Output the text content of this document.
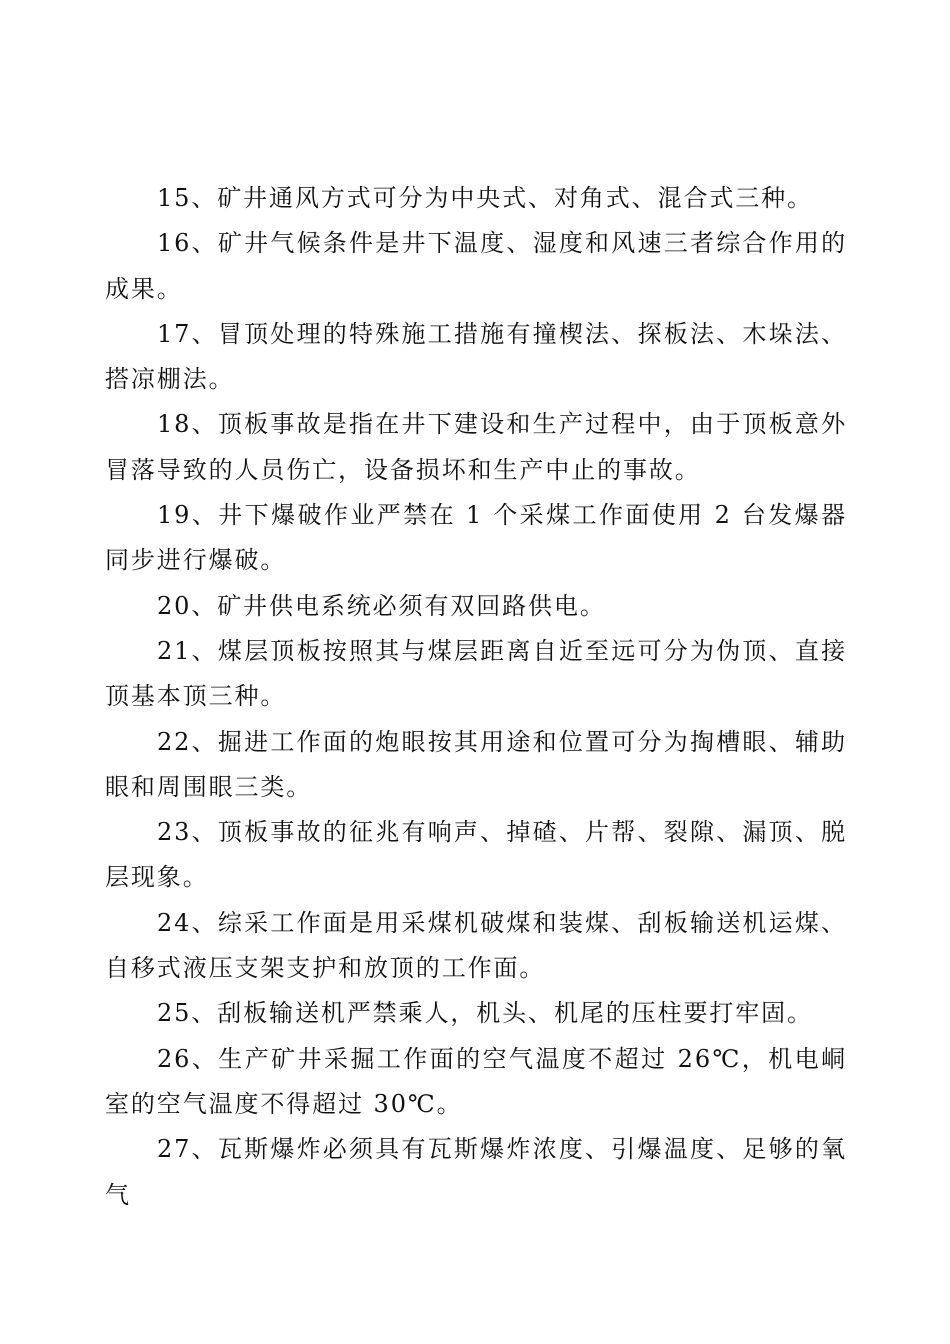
15、矿井通风方式可分为中央式、对角式、混合式三种。

16、矿井气候条件是井下温度、湿度和风速三者综合作用的成果。

17、冒顶处理的特殊施工措施有撞楔法、探板法、木垛法、搭凉棚法。

18、顶板事故是指在井下建设和生产过程中，由于顶板意外冒落导致的人员伤亡，设备损坏和生产中止的事故。

19、井下爆破作业严禁在 1 个采煤工作面使用 2 台发爆器同步进行爆破。

20、矿井供电系统必须有双回路供电。

21、煤层顶板按照其与煤层距离自近至远可分为伪顶、直接顶基本顶三种。

22、掘进工作面的炮眼按其用途和位置可分为掏槽眼、辅助眼和周围眼三类。

23、顶板事故的征兆有响声、掉碴、片帮、裂隙、漏顶、脱层现象。

24、综采工作面是用采煤机破煤和装煤、刮板输送机运煤、自移式液压支架支护和放顶的工作面。

25、刮板输送机严禁乘人，机头、机尾的压柱要打牢固。

26、生产矿井采掘工作面的空气温度不超过 26℃，机电峒室的空气温度不得超过 30℃。

27、瓦斯爆炸必须具有瓦斯爆炸浓度、引爆温度、足够的氧气
